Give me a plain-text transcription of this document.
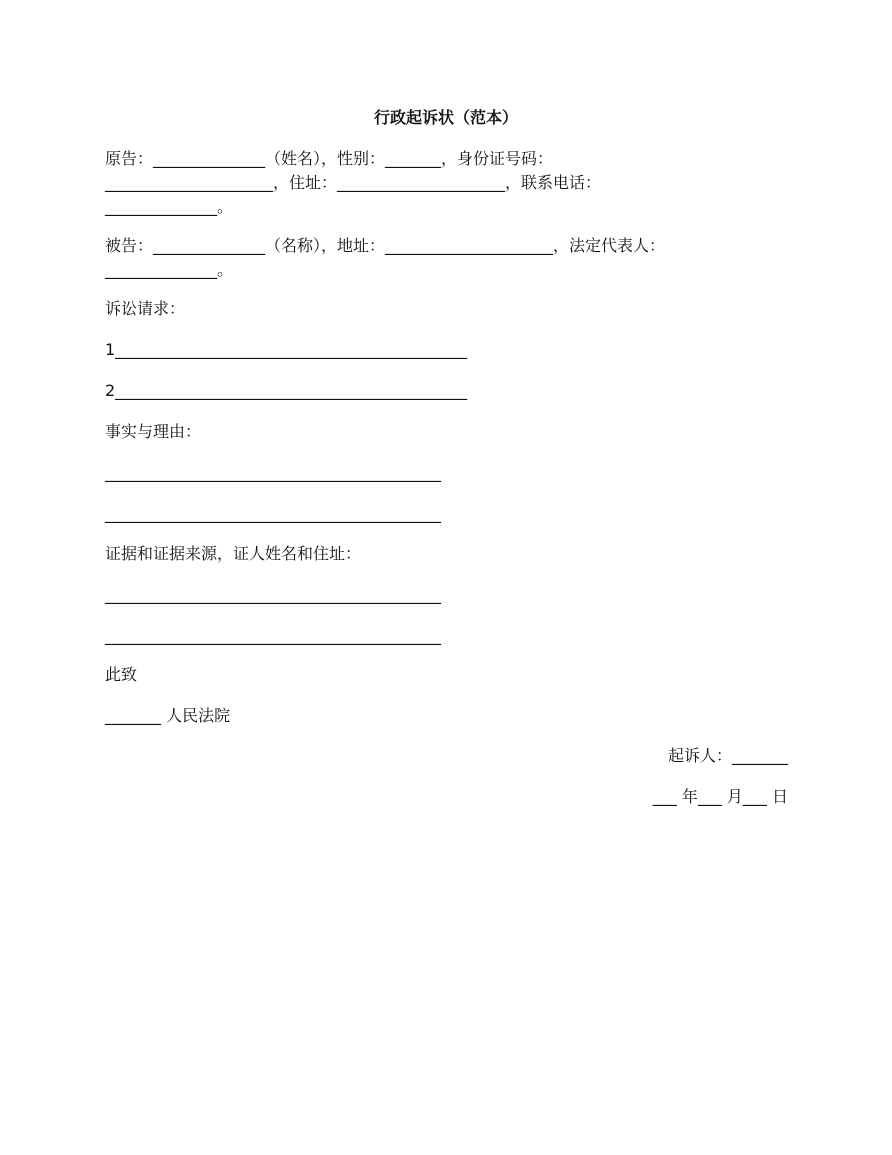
行政起诉状（范本）
原告：______________（姓名），性别：_______，身份证号码：
_____________________，住址：_____________________，联系电话：
______________。
被告：______________（名称），地址：_____________________，法定代表人：
______________。
诉讼请求：
1____________________________________________
2____________________________________________
事实与理由：
__________________________________________
__________________________________________
证据和证据来源，证人姓名和住址：
__________________________________________
__________________________________________
此致
_______ 人民法院
起诉人：_______
___ 年___ 月___ 日
